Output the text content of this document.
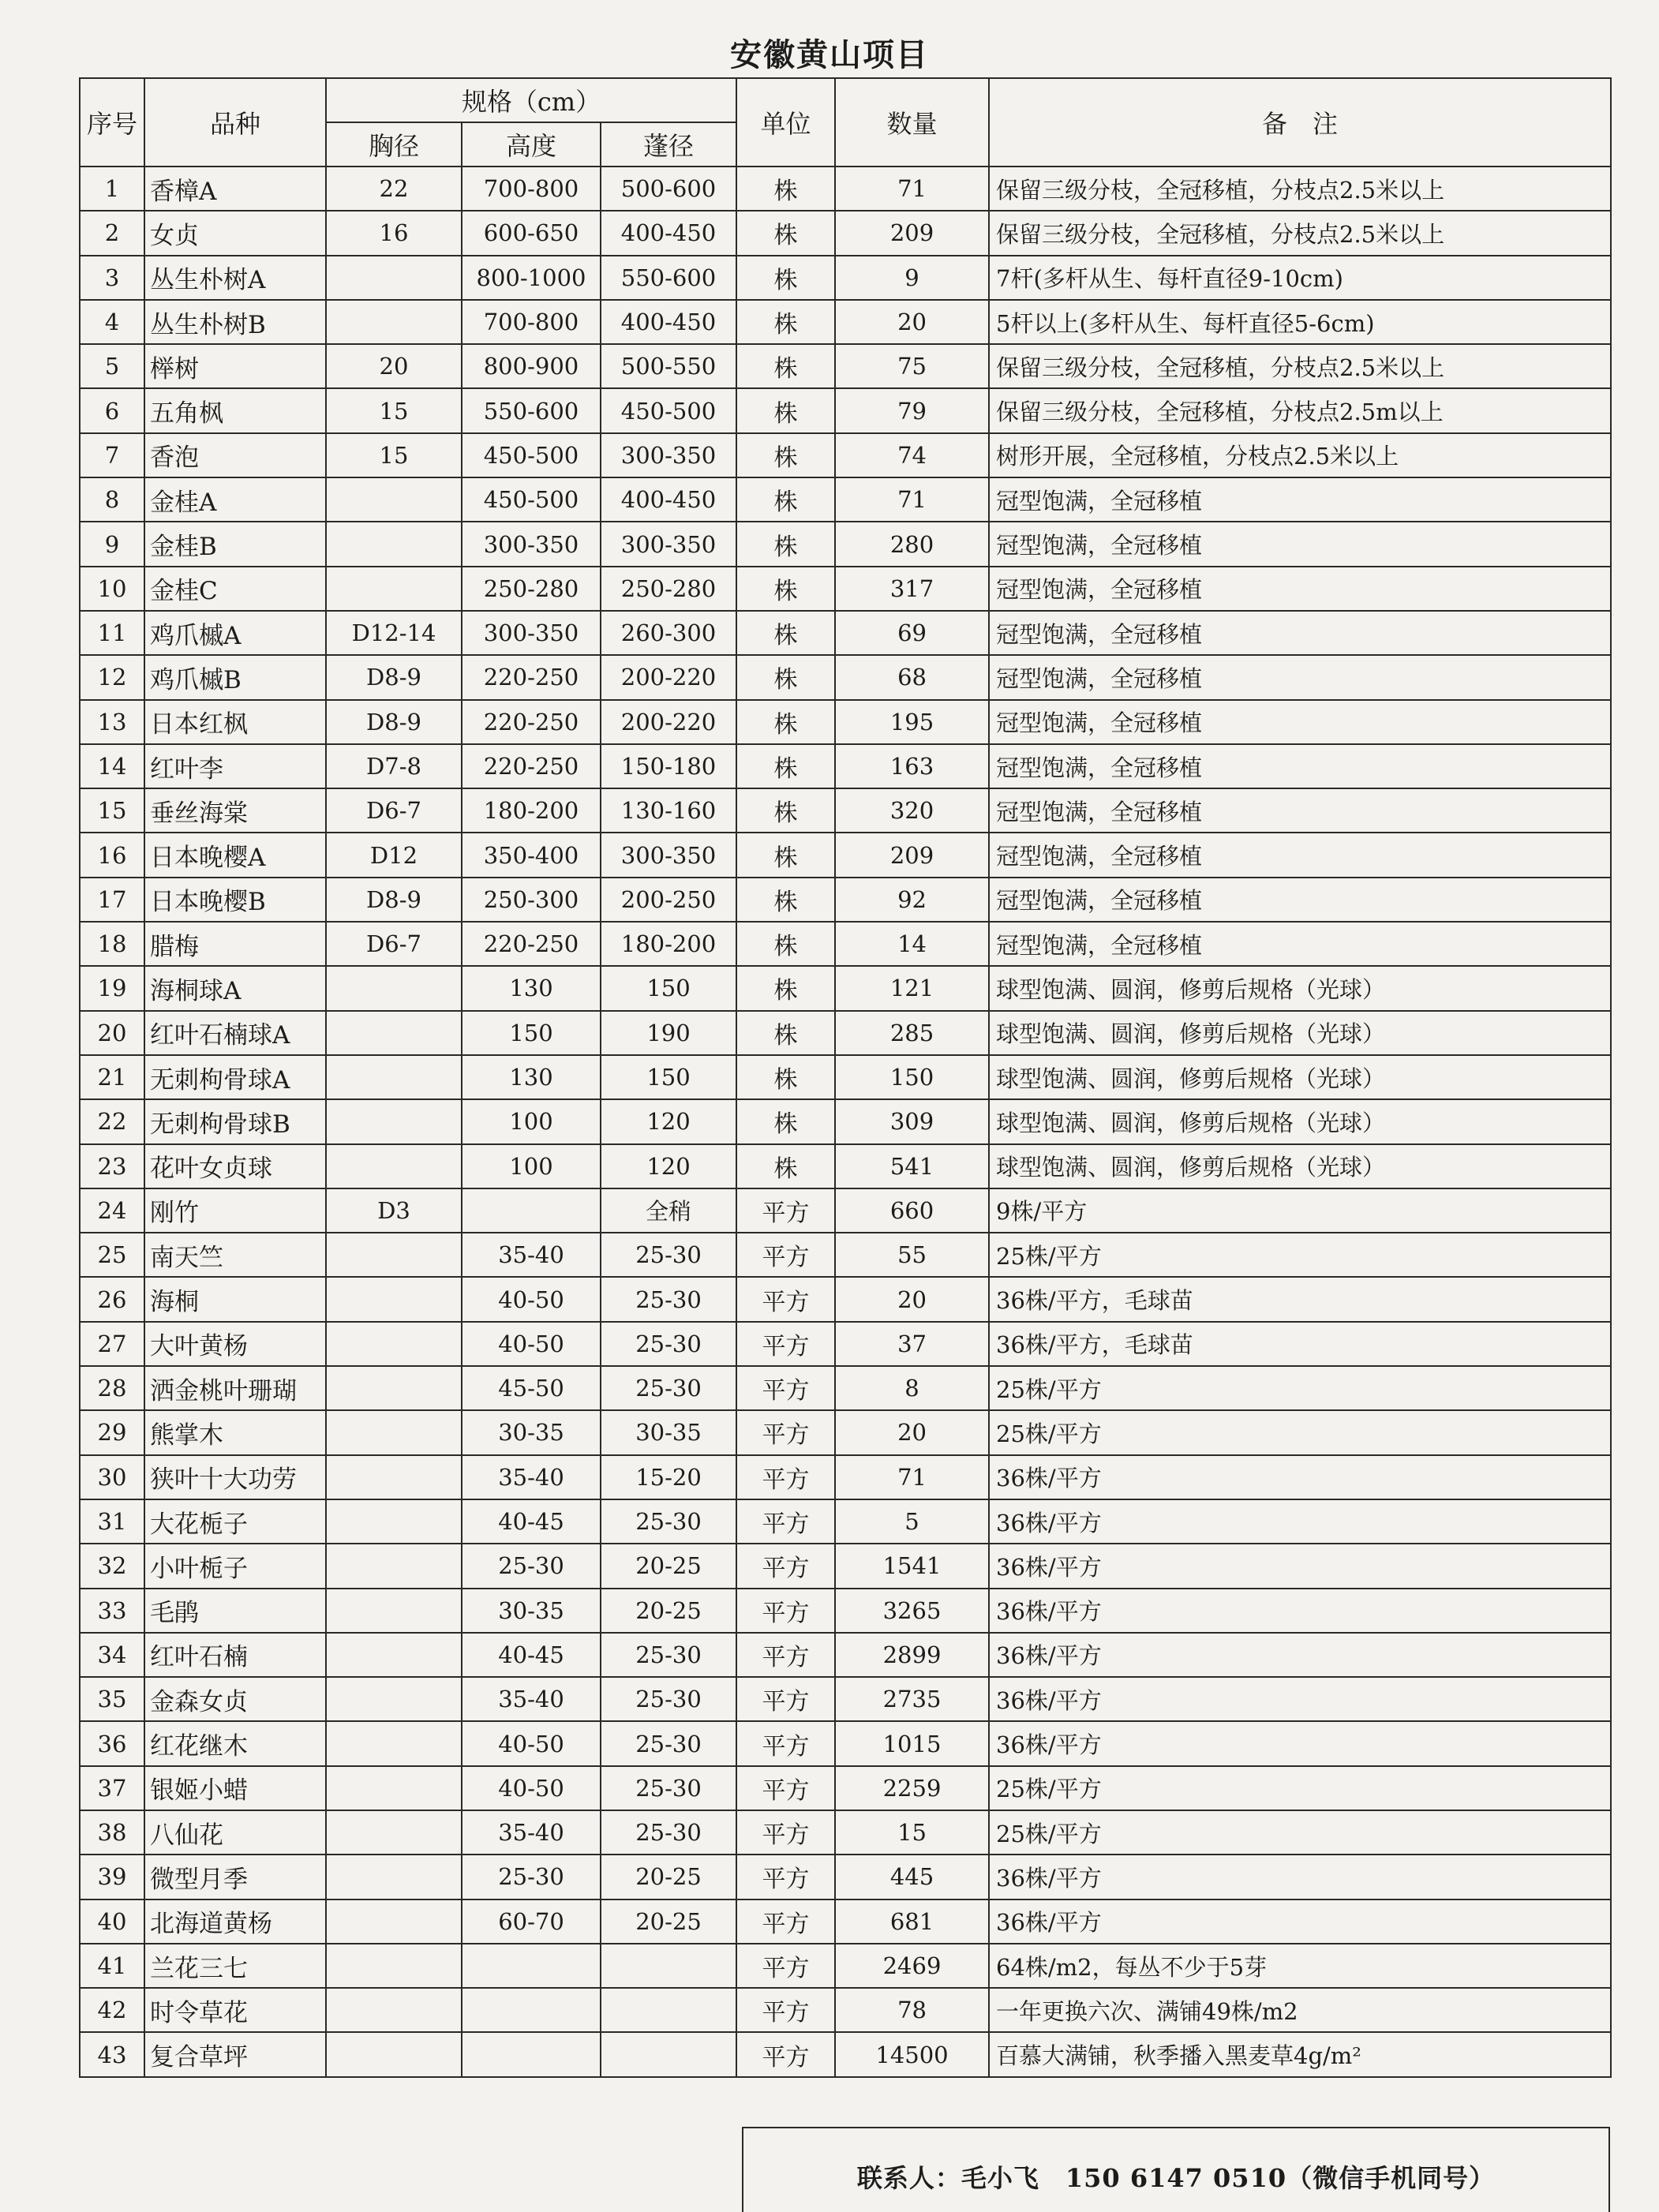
安徽黄山项目
序号	品种	规格（cm）			单位	数量	备　注
		胸径	高度	蓬径			
1	香樟A	22	700-800	500-600	株	71	保留三级分枝，全冠移植，分枝点2.5米以上
2	女贞	16	600-650	400-450	株	209	保留三级分枝，全冠移植，分枝点2.5米以上
3	丛生朴树A		800-1000	550-600	株	9	7杆(多杆从生、每杆直径9-10cm)
4	丛生朴树B		700-800	400-450	株	20	5杆以上(多杆从生、每杆直径5-6cm)
5	榉树	20	800-900	500-550	株	75	保留三级分枝，全冠移植，分枝点2.5米以上
6	五角枫	15	550-600	450-500	株	79	保留三级分枝，全冠移植，分枝点2.5m以上
7	香泡	15	450-500	300-350	株	74	树形开展，全冠移植，分枝点2.5米以上
8	金桂A		450-500	400-450	株	71	冠型饱满，全冠移植
9	金桂B		300-350	300-350	株	280	冠型饱满，全冠移植
10	金桂C		250-280	250-280	株	317	冠型饱满，全冠移植
11	鸡爪槭A	D12-14	300-350	260-300	株	69	冠型饱满，全冠移植
12	鸡爪槭B	D8-9	220-250	200-220	株	68	冠型饱满，全冠移植
13	日本红枫	D8-9	220-250	200-220	株	195	冠型饱满，全冠移植
14	红叶李	D7-8	220-250	150-180	株	163	冠型饱满，全冠移植
15	垂丝海棠	D6-7	180-200	130-160	株	320	冠型饱满，全冠移植
16	日本晚樱A	D12	350-400	300-350	株	209	冠型饱满，全冠移植
17	日本晚樱B	D8-9	250-300	200-250	株	92	冠型饱满，全冠移植
18	腊梅	D6-7	220-250	180-200	株	14	冠型饱满，全冠移植
19	海桐球A		130	150	株	121	球型饱满、圆润，修剪后规格（光球）
20	红叶石楠球A		150	190	株	285	球型饱满、圆润，修剪后规格（光球）
21	无刺枸骨球A		130	150	株	150	球型饱满、圆润，修剪后规格（光球）
22	无刺枸骨球B		100	120	株	309	球型饱满、圆润，修剪后规格（光球）
23	花叶女贞球		100	120	株	541	球型饱满、圆润，修剪后规格（光球）
24	刚竹	D3		全稍	平方	660	9株/平方
25	南天竺		35-40	25-30	平方	55	25株/平方
26	海桐		40-50	25-30	平方	20	36株/平方，毛球苗
27	大叶黄杨		40-50	25-30	平方	37	36株/平方，毛球苗
28	洒金桃叶珊瑚		45-50	25-30	平方	8	25株/平方
29	熊掌木		30-35	30-35	平方	20	25株/平方
30	狭叶十大功劳		35-40	15-20	平方	71	36株/平方
31	大花栀子		40-45	25-30	平方	5	36株/平方
32	小叶栀子		25-30	20-25	平方	1541	36株/平方
33	毛鹃		30-35	20-25	平方	3265	36株/平方
34	红叶石楠		40-45	25-30	平方	2899	36株/平方
35	金森女贞		35-40	25-30	平方	2735	36株/平方
36	红花继木		40-50	25-30	平方	1015	36株/平方
37	银姬小蜡		40-50	25-30	平方	2259	25株/平方
38	八仙花		35-40	25-30	平方	15	25株/平方
39	微型月季		25-30	20-25	平方	445	36株/平方
40	北海道黄杨		60-70	20-25	平方	681	36株/平方
41	兰花三七				平方	2469	64株/m2，每丛不少于5芽
42	时令草花				平方	78	一年更换六次、满铺49株/m2
43	复合草坪				平方	14500	百慕大满铺，秋季播入黑麦草4g/m²
联系人：毛小飞　150 6147 0510（微信手机同号）
